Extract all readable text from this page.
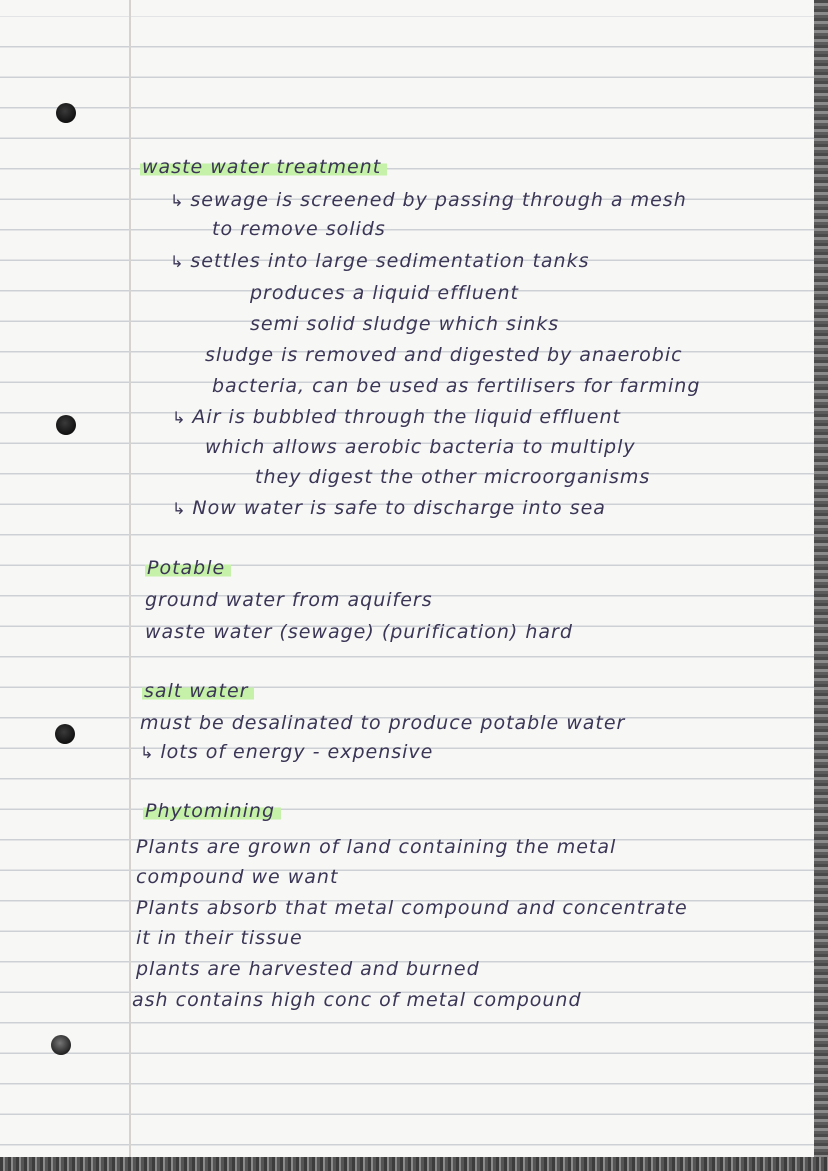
waste water treatment
↳ sewage is screened by passing through a mesh
to remove solids
↳ settles into large sedimentation tanks
produces a liquid effluent
semi solid sludge which sinks
sludge is removed and digested by anaerobic
bacteria, can be used as fertilisers for farming
↳ Air is bubbled through the liquid effluent
which allows aerobic bacteria to multiply
they digest the other microorganisms
↳ Now water is safe to discharge into sea
Potable
ground water from aquifers
waste water (sewage) (purification) hard
salt water
must be desalinated to produce potable water
↳ lots of energy - expensive
Phytomining
Plants are grown of land containing the metal
compound we want
Plants absorb that metal compound and concentrate
it in their tissue
plants are harvested and burned
ash contains high conc of metal compound
